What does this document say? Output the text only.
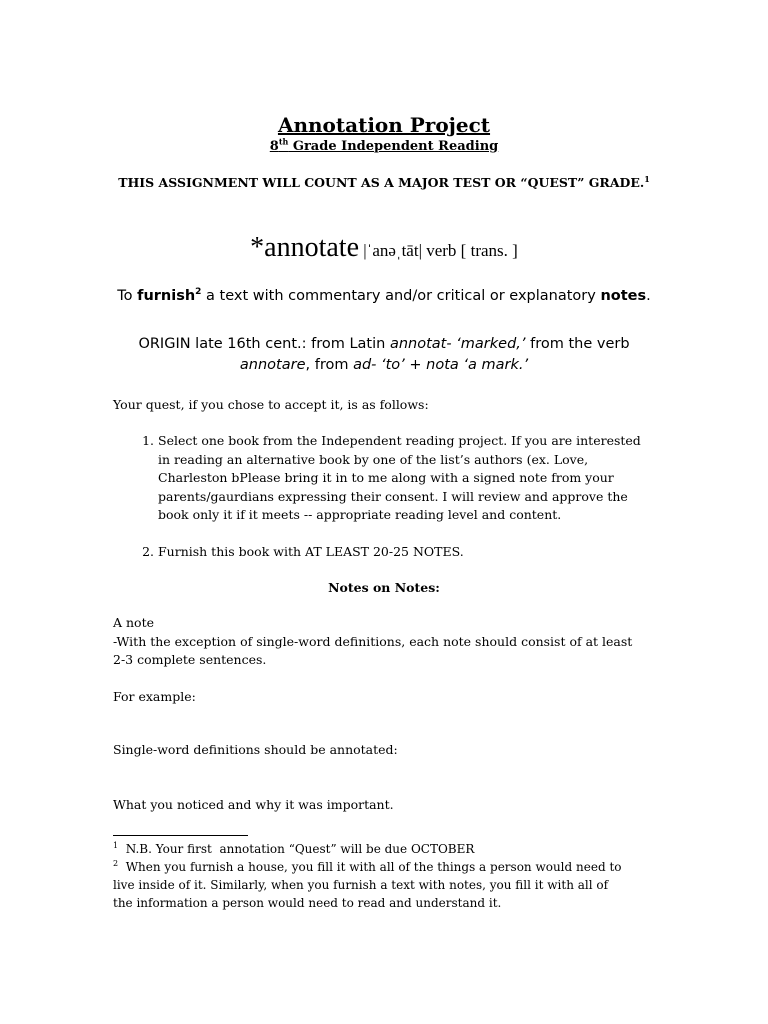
Annotation Project
8th Grade Independent Reading
THIS ASSIGNMENT WILL COUNT AS A MAJOR TEST OR “QUEST” GRADE.$^1$
*annotate |ˈanəˌtāt| verb [ trans. ]
To furnish$^2$ a text with commentary and/or critical or explanatory notes.
ORIGIN late 16th cent.: from Latin annotat- ‘marked,’ from the verb
annotare, from ad- ‘to’ + nota ‘a mark.’
Your quest, if you chose to accept it, is as follows:
1. Select one book from the Independent reading project. If you are interested
in reading an alternative book by one of the list’s authors (ex. Love,
Charleston bPlease bring it in to me along with a signed note from your
parents/gaurdians expressing their consent. I will review and approve the
book only it if it meets -- appropriate reading level and content.
2. Furnish this book with AT LEAST 20-25 NOTES.
Notes on Notes:
A note
-With the exception of single-word definitions, each note should consist of at least
2-3 complete sentences.
For example:
Single-word definitions should be annotated:
What you noticed and why it was important.
$^1$  N.B. Your first  annotation “Quest” will be due OCTOBER
$^2$  When you furnish a house, you fill it with all of the things a person would need to
live inside of it. Similarly, when you furnish a text with notes, you fill it with all of
the information a person would need to read and understand it.
